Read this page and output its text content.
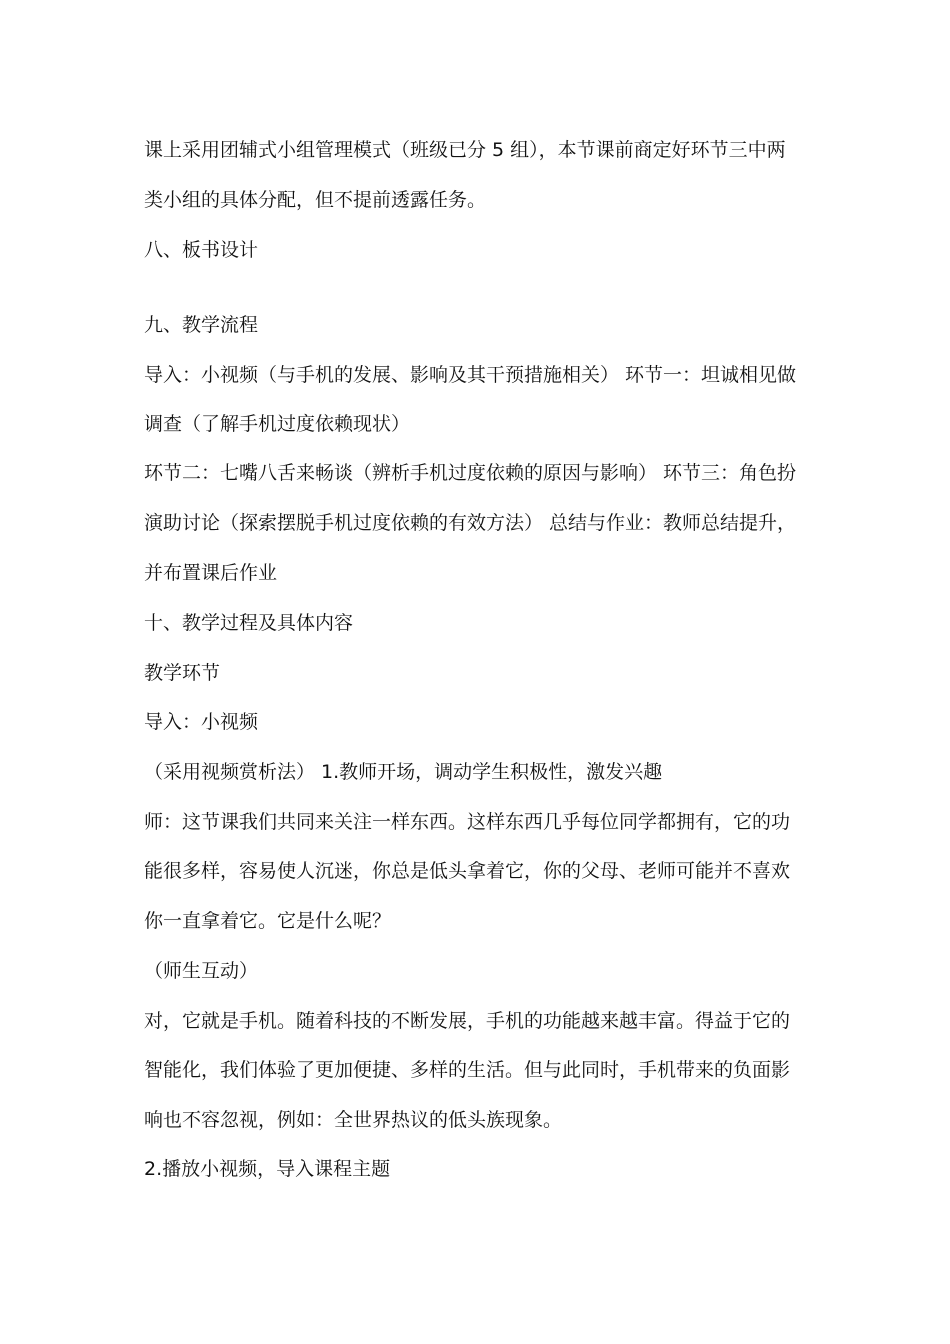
课上采用团辅式小组管理模式（班级已分 5 组），本节课前商定好环节三中两
类小组的具体分配，但不提前透露任务。
八、板书设计
九、教学流程
导入：小视频（与手机的发展、影响及其干预措施相关） 环节一：坦诚相见做
调查（了解手机过度依赖现状）
环节二：七嘴八舌来畅谈（辨析手机过度依赖的原因与影响） 环节三：角色扮
演助讨论（探索摆脱手机过度依赖的有效方法） 总结与作业：教师总结提升，
并布置课后作业
十、教学过程及具体内容
教学环节
导入：小视频
（采用视频赏析法） 1.教师开场，调动学生积极性，激发兴趣
师：这节课我们共同来关注一样东西。这样东西几乎每位同学都拥有，它的功
能很多样，容易使人沉迷，你总是低头拿着它，你的父母、老师可能并不喜欢
你一直拿着它。它是什么呢？
（师生互动）
对，它就是手机。随着科技的不断发展，手机的功能越来越丰富。得益于它的
智能化，我们体验了更加便捷、多样的生活。但与此同时，手机带来的负面影
响也不容忽视，例如：全世界热议的低头族现象。
2.播放小视频，导入课程主题
